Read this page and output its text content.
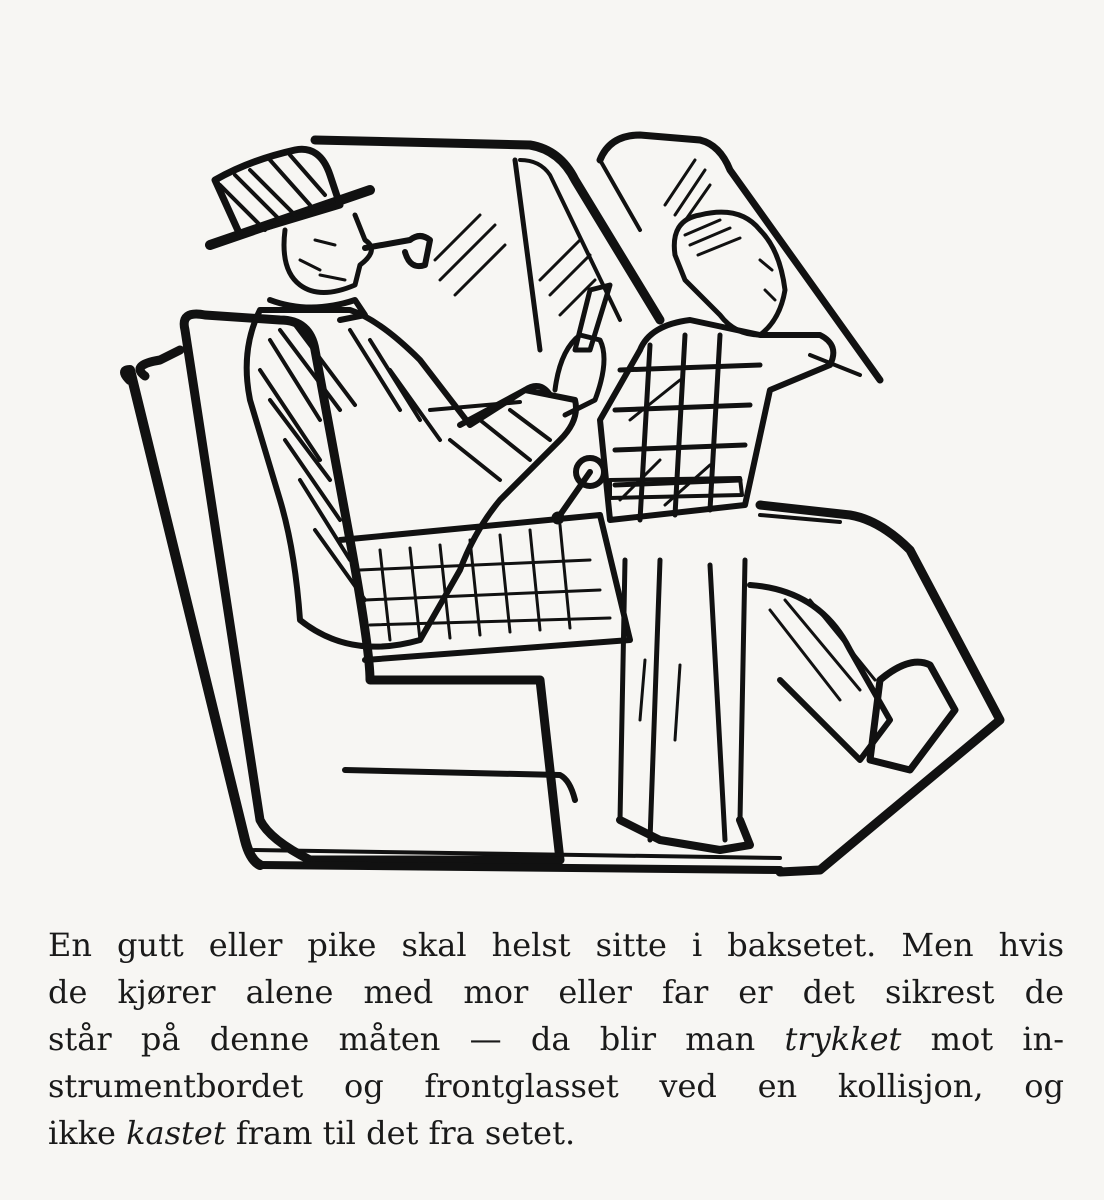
En gutt eller pike skal helst sitte i baksetet. Men hvis
de kjører alene med mor eller far er det sikrest de
står på denne måten — da blir man trykket mot in-
strumentbordet og frontglasset ved en kollisjon, og
ikke kastet fram til det fra setet.
